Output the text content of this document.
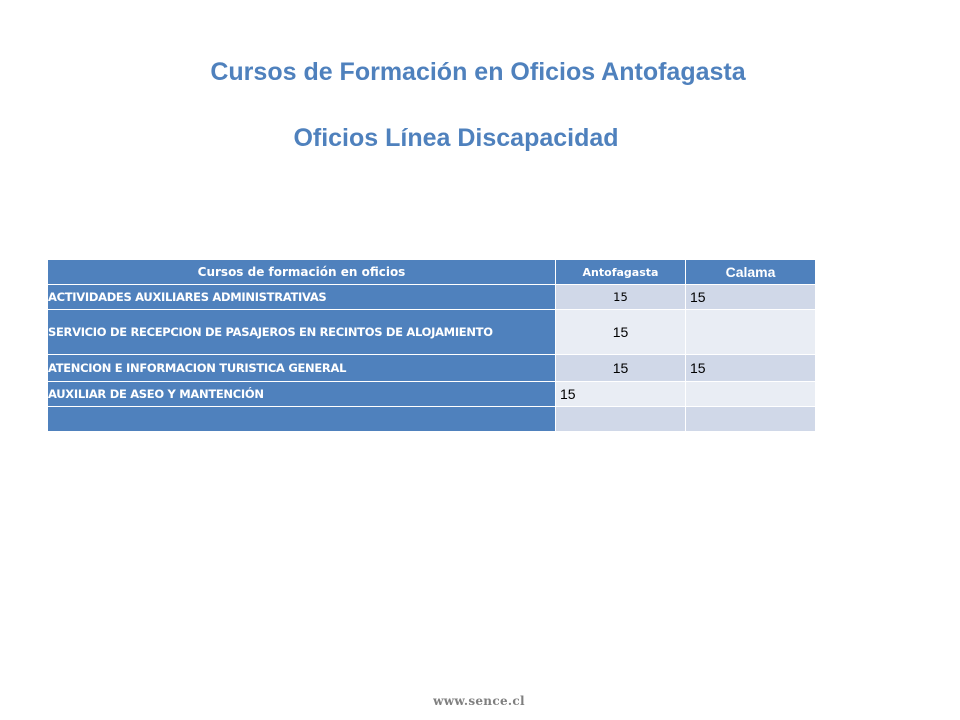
Cursos de Formación en Oficios Antofagasta
Oficios Línea Discapacidad
Cursos de formación en oficios	Antofagasta	Calama
ACTIVIDADES AUXILIARES ADMINISTRATIVAS	15	15
SERVICIO DE RECEPCION DE PASAJEROS EN RECINTOS DE ALOJAMIENTO	15	
ATENCION E INFORMACION TURISTICA GENERAL	15	15
AUXILIAR DE ASEO Y MANTENCIÓN	15	

www.sence.cl
